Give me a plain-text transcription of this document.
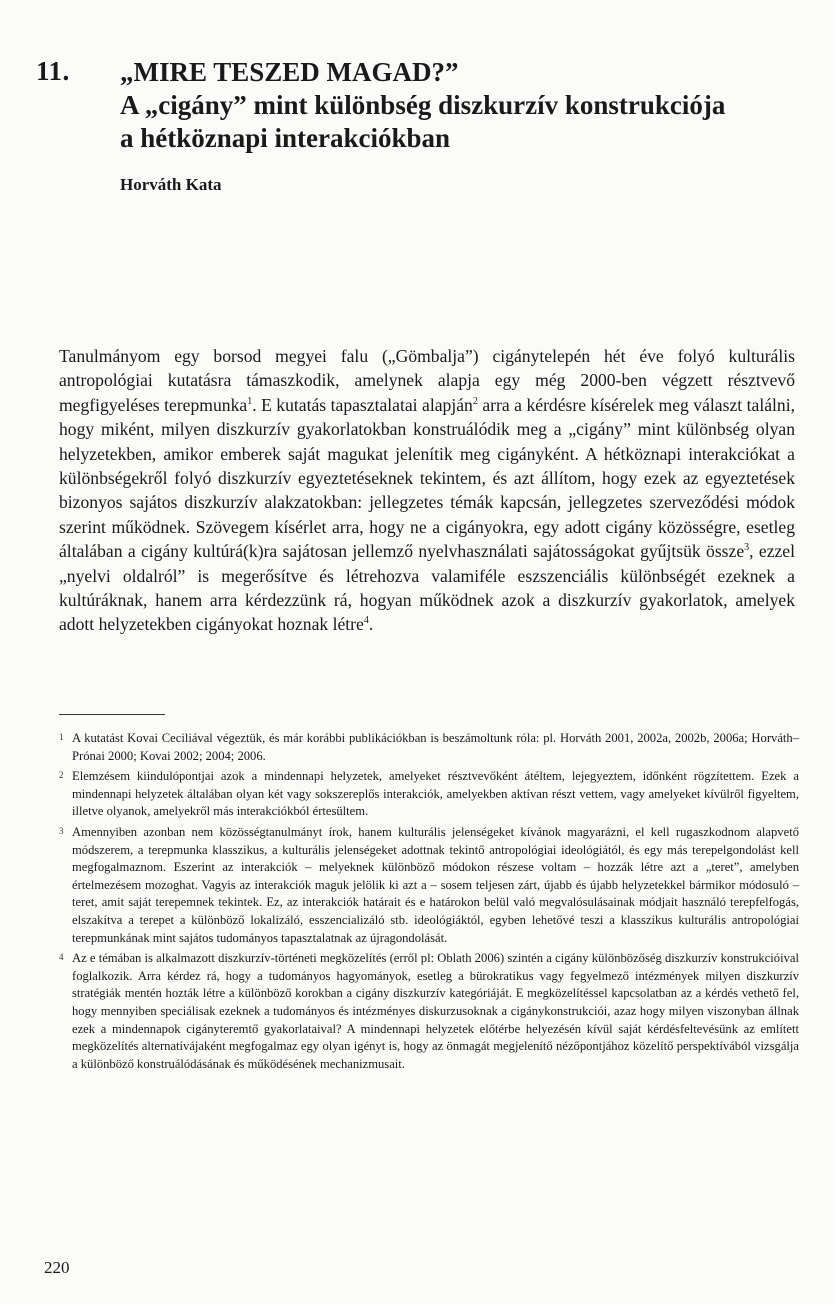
11. „MIRE TESZED MAGAD?”
A „cigány” mint különbség diszkurzív konstrukciója
a hétköznapi interakciókban
Horváth Kata
Tanulmányom egy borsod megyei falu („Gömbalja”) cigánytelepén hét éve folyó kulturális antropológiai kutatásra támaszkodik, amelynek alapja egy még 2000-ben végzett résztvevő megfigyeléses terepmunka$^1$. E kutatás tapasztalatai alapján$^2$ arra a kérdésre kísérelek meg választ találni, hogy miként, milyen diszkurzív gyakorlatokban konstruálódik meg a „cigány” mint különbség olyan helyzetekben, amikor emberek saját magukat jelenítik meg cigányként. A hétköznapi interakciókat a különbségekről folyó diszkurzív egyeztetéseknek tekintem, és azt állítom, hogy ezek az egyeztetések bizonyos sajátos diszkurzív alakzatokban: jellegzetes témák kapcsán, jellegzetes szerveződési módok szerint működnek. Szövegem kísérlet arra, hogy ne a cigányokra, egy adott cigány közösségre, esetleg általában a cigány kultúrá(k)ra sajátosan jellemző nyelvhasználati sajátosságokat gyűjtsük össze$^3$, ezzel „nyelvi oldalról” is megerősítve és létrehozva valamiféle eszszenciális különbségét ezeknek a kultúráknak, hanem arra kérdezzünk rá, hogyan működnek azok a diszkurzív gyakorlatok, amelyek adott helyzetekben cigányokat hoznak létre$^4$.
1 A kutatást Kovai Ceciliával végeztük, és már korábbi publikációkban is beszámoltunk róla: pl. Horváth 2001, 2002a, 2002b, 2006a; Horváth–Prónai 2000; Kovai 2002; 2004; 2006.
2 Elemzésem kiindulópontjai azok a mindennapi helyzetek, amelyeket résztvevőként átéltem, lejegyeztem, időnként rögzítettem. Ezek a mindennapi helyzetek általában olyan két vagy sokszereplős interakciók, amelyekben aktívan részt vettem, vagy amelyeket kívülről figyeltem, illetve olyanok, amelyekről más interakciókból értesültem.
3 Amennyiben azonban nem közösségtanulmányt írok, hanem kulturális jelenségeket kívánok magyarázni, el kell rugaszkodnom alapvető módszerem, a terepmunka klasszikus, a kulturális jelenségeket adottnak tekintő antropológiai ideológiától, és egy más terepelgondolást kell megfogalmaznom. Eszerint az interakciók – melyeknek különböző módokon részese voltam – hozzák létre azt a „teret”, amelyben értelmezésem mozoghat. Vagyis az interakciók maguk jelölik ki azt a – sosem teljesen zárt, újabb és újabb helyzetekkel bármikor módosuló – teret, amit saját terepemnek tekintek. Ez, az interakciók határait és e határokon belül való megvalósulásainak módjait használó terepfelfogás, elszakítva a terepet a különböző lokalizáló, esszencializáló stb. ideológiáktól, egyben lehetővé teszi a klasszikus kulturális antropológiai terepmunkának mint sajátos tudományos tapasztalatnak az újragondolását.
4 Az e témában is alkalmazott diszkurzív-történeti megközelítés (erről pl: Oblath 2006) szintén a cigány különbözőség diszkurzív konstrukcióival foglalkozik. Arra kérdez rá, hogy a tudományos hagyományok, esetleg a bürokratikus vagy fegyelmező intézmények milyen diszkurzív stratégiák mentén hozták létre a különböző korokban a cigány diszkurzív kategóriáját. E megközelítéssel kapcsolatban az a kérdés vethető fel, hogy mennyiben speciálisak ezeknek a tudományos és intézményes diskurzusoknak a cigánykonstrukciói, azaz hogy milyen viszonyban állnak ezek a mindennapok cigányteremtő gyakorlataival? A mindennapi helyzetek előtérbe helyezésén kívül saját kérdésfeltevésünk az említett megközelítés alternatívájaként megfogalmaz egy olyan igényt is, hogy az önmagát megjelenítő nézőpontjához közelítő perspektívából vizsgálja a különböző konstruálódásának és működésének mechanizmusait.
220
